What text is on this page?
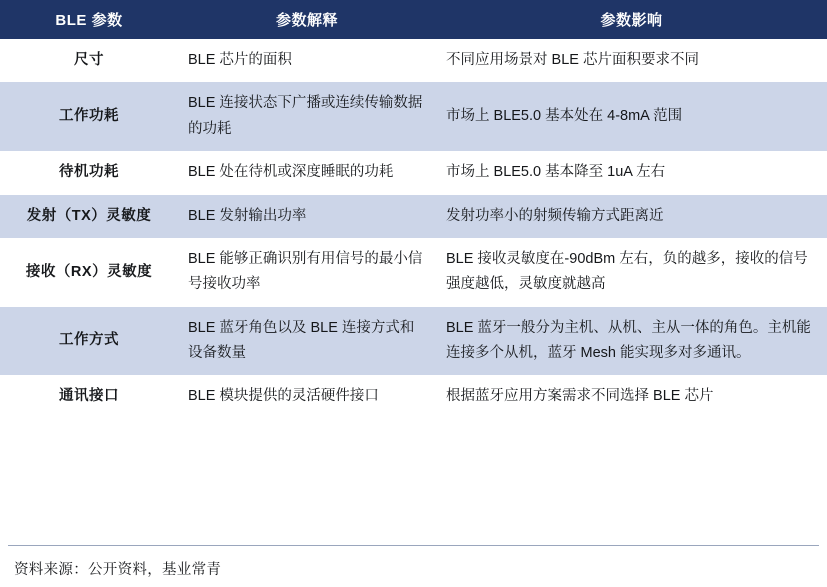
BLE 参数	参数解释	参数影响
尺寸	BLE 芯片的面积	不同应用场景对 BLE 芯片面积要求不同
工作功耗	BLE 连接状态下广播或连续传输数据的功耗	市场上 BLE5.0 基本处在 4-8mA 范围
待机功耗	BLE 处在待机或深度睡眠的功耗	市场上 BLE5.0 基本降至 1uA 左右
发射（TX）灵敏度	BLE 发射输出功率	发射功率小的射频传输方式距离近
接收（RX）灵敏度	BLE 能够正确识别有用信号的最小信号接收功率	BLE 接收灵敏度在-90dBm 左右，负的越多，接收的信号强度越低，灵敏度就越高
工作方式	BLE 蓝牙角色以及 BLE 连接方式和设备数量	BLE 蓝牙一般分为主机、从机、主从一体的角色。主机能连接多个从机，蓝牙 Mesh 能实现多对多通讯。
通讯接口	BLE 模块提供的灵活硬件接口	根据蓝牙应用方案需求不同选择 BLE 芯片
资料来源：公开资料，基业常青
